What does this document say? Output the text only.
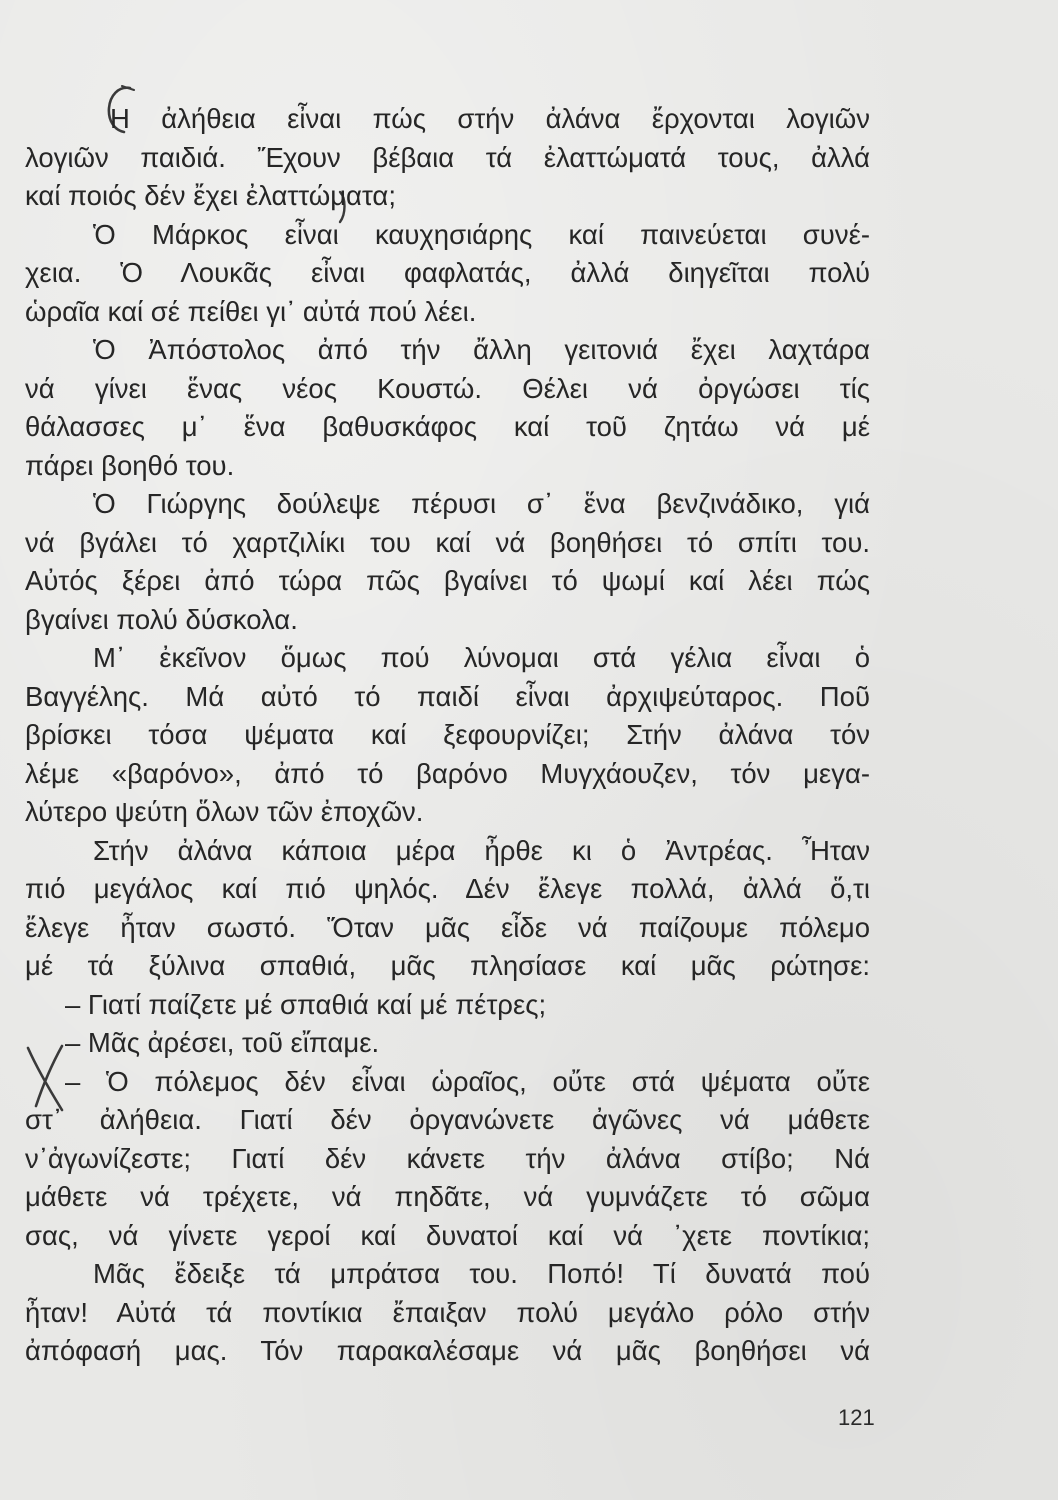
Η ἀλήθεια εἶναι πώς στήν ἀλάνα ἔρχονται λογιῶν
λογιῶν παιδιά. Ἔχουν βέβαια τά ἐλαττώματά τους, ἀλλά
καί ποιός δέν ἔχει ἐλαττώματα;
Ὁ Μάρκος εἶναι καυχησιάρης καί παινεύεται συνέ-
χεια. Ὁ Λουκᾶς εἶναι φαφλατάς, ἀλλά διηγεῖται πολύ
ὡραῖα καί σέ πείθει γι᾽ αὐτά πού λέει.
Ὁ Ἀπόστολος ἀπό τήν ἄλλη γειτονιά ἔχει λαχτάρα
νά γίνει ἕνας νέος Κουστώ. Θέλει νά ὀργώσει τίς
θάλασσες μ᾽ ἕνα βαθυσκάφος καί τοῦ ζητάω νά μέ
πάρει βοηθό του.
Ὁ Γιώργης δούλεψε πέρυσι σ᾽ ἕνα βενζινάδικο, γιά
νά βγάλει τό χαρτζιλίκι του καί νά βοηθήσει τό σπίτι του.
Αὐτός ξέρει ἀπό τώρα πῶς βγαίνει τό ψωμί καί λέει πώς
βγαίνει πολύ δύσκολα.
Μ᾽ ἐκεῖνον ὅμως πού λύνομαι στά γέλια εἶναι ὁ
Βαγγέλης. Μά αὐτό τό παιδί εἶναι ἀρχιψεύταρος. Ποῦ
βρίσκει τόσα ψέματα καί ξεφουρνίζει; Στήν ἀλάνα τόν
λέμε «βαρόνο», ἀπό τό βαρόνο Μυγχάουζεν, τόν μεγα-
λύτερο ψεύτη ὅλων τῶν ἐποχῶν.
Στήν ἀλάνα κάποια μέρα ἦρθε κι ὁ Ἀντρέας. Ἦταν
πιό μεγάλος καί πιό ψηλός. Δέν ἔλεγε πολλά, ἀλλά ὅ,τι
ἔλεγε ἦταν σωστό. Ὅταν μᾶς εἶδε νά παίζουμε πόλεμο
μέ τά ξύλινα σπαθιά, μᾶς πλησίασε καί μᾶς ρώτησε:
– Γιατί παίζετε μέ σπαθιά καί μέ πέτρες;
– Μᾶς ἀρέσει, τοῦ εἴπαμε.
– Ὁ πόλεμος δέν εἶναι ὡραῖος, οὔτε στά ψέματα οὔτε
στ᾽ ἀλήθεια. Γιατί δέν ὀργανώνετε ἀγῶνες νά μάθετε
ν᾽ἀγωνίζεστε; Γιατί δέν κάνετε τήν ἀλάνα στίβο; Νά
μάθετε νά τρέχετε, νά πηδᾶτε, νά γυμνάζετε τό σῶμα
σας, νά γίνετε γεροί καί δυνατοί καί νά ᾽χετε ποντίκια;
Μᾶς ἔδειξε τά μπράτσα του. Ποπό! Τί δυνατά πού
ἦταν! Αὐτά τά ποντίκια ἔπαιξαν πολύ μεγάλο ρόλο στήν
ἀπόφασή μας. Τόν παρακαλέσαμε νά μᾶς βοηθήσει νά
121
